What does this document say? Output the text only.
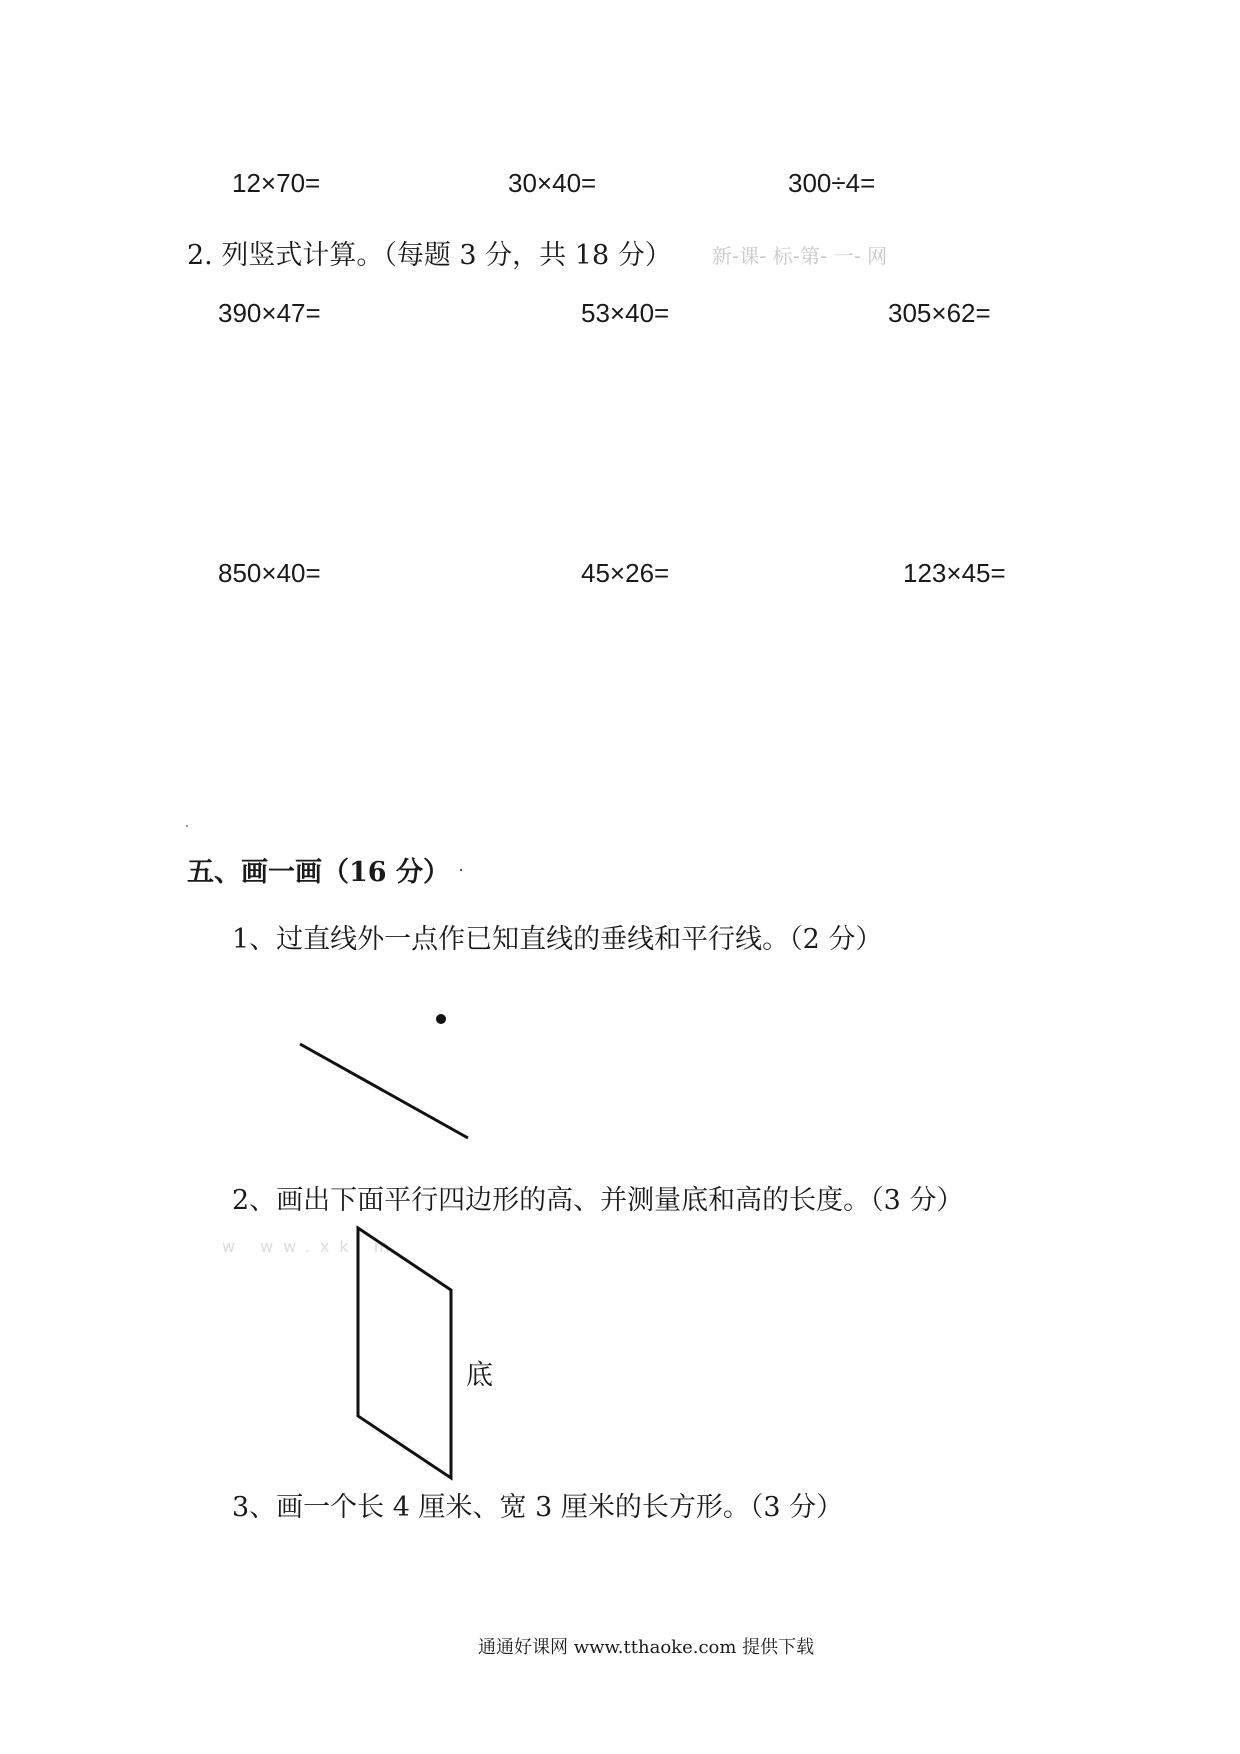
12×70=	30×40=	300÷4=
2. 列竖式计算。（每题 3 分，共 18 分） 新-课- 标-第- 一- 网
390×47=	53×40=	305×62=
850×40=	45×26=	123×45=
五、画一画（16 分）
1、过直线外一点作已知直线的垂线和平行线。（2 分）
2、画出下面平行四边形的高、并测量底和高的长度。（3 分）
w ww.xk m
底
3、画一个长 4 厘米、宽 3 厘米的长方形。（3 分）
通通好课网 www.tthaoke.com 提供下载
